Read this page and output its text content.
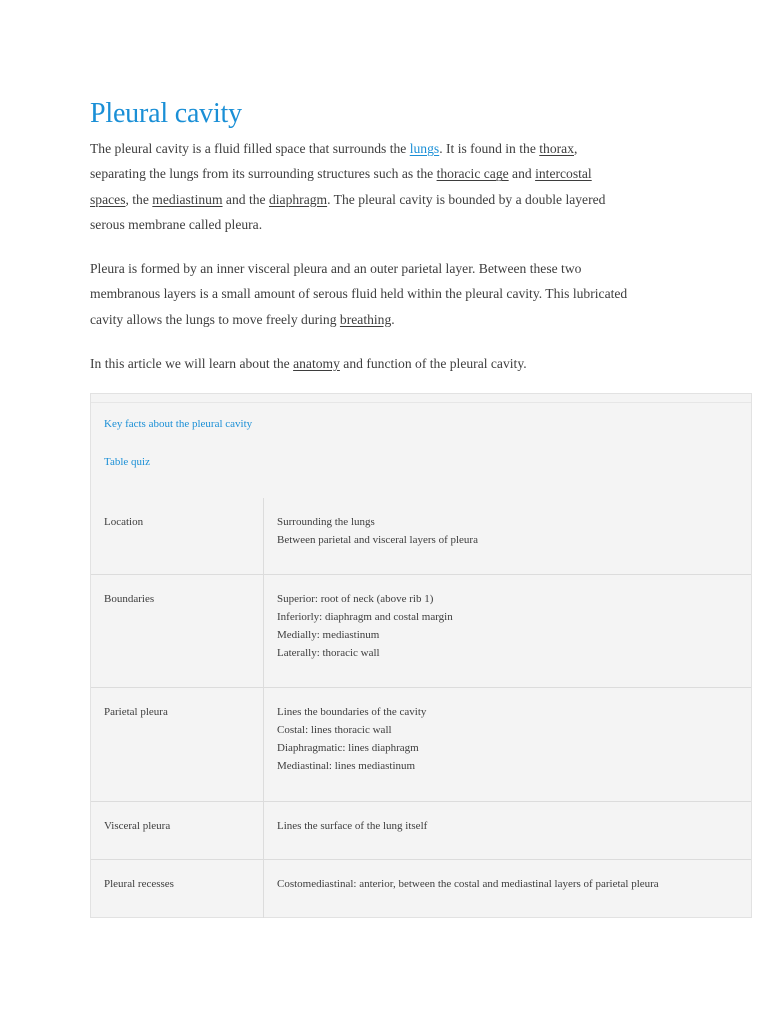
Pleural cavity

The pleural cavity is a fluid filled space that surrounds the lungs. It is found in the thorax,
separating the lungs from its surrounding structures such as the thoracic cage and intercostal
spaces, the mediastinum and the diaphragm. The pleural cavity is bounded by a double layered
serous membrane called pleura.

Pleura is formed by an inner visceral pleura and an outer parietal layer. Between these two
membranous layers is a small amount of serous fluid held within the pleural cavity. This lubricated
cavity allows the lungs to move freely during breathing.

In this article we will learn about the anatomy and function of the pleural cavity.

Key facts about the pleural cavity
Table quiz
Location	Surrounding the lungs
Between parietal and visceral layers of pleura

Boundaries	Superior: root of neck (above rib 1)
Inferiorly: diaphragm and costal margin
Medially: mediastinum
Laterally: thoracic wall

Parietal pleura	Lines the boundaries of the cavity
Costal: lines thoracic wall
Diaphragmatic: lines diaphragm
Mediastinal: lines mediastinum

Visceral pleura	Lines the surface of the lung itself

Pleural recesses	Costomediastinal: anterior, between the costal and mediastinal layers of parietal pleura
